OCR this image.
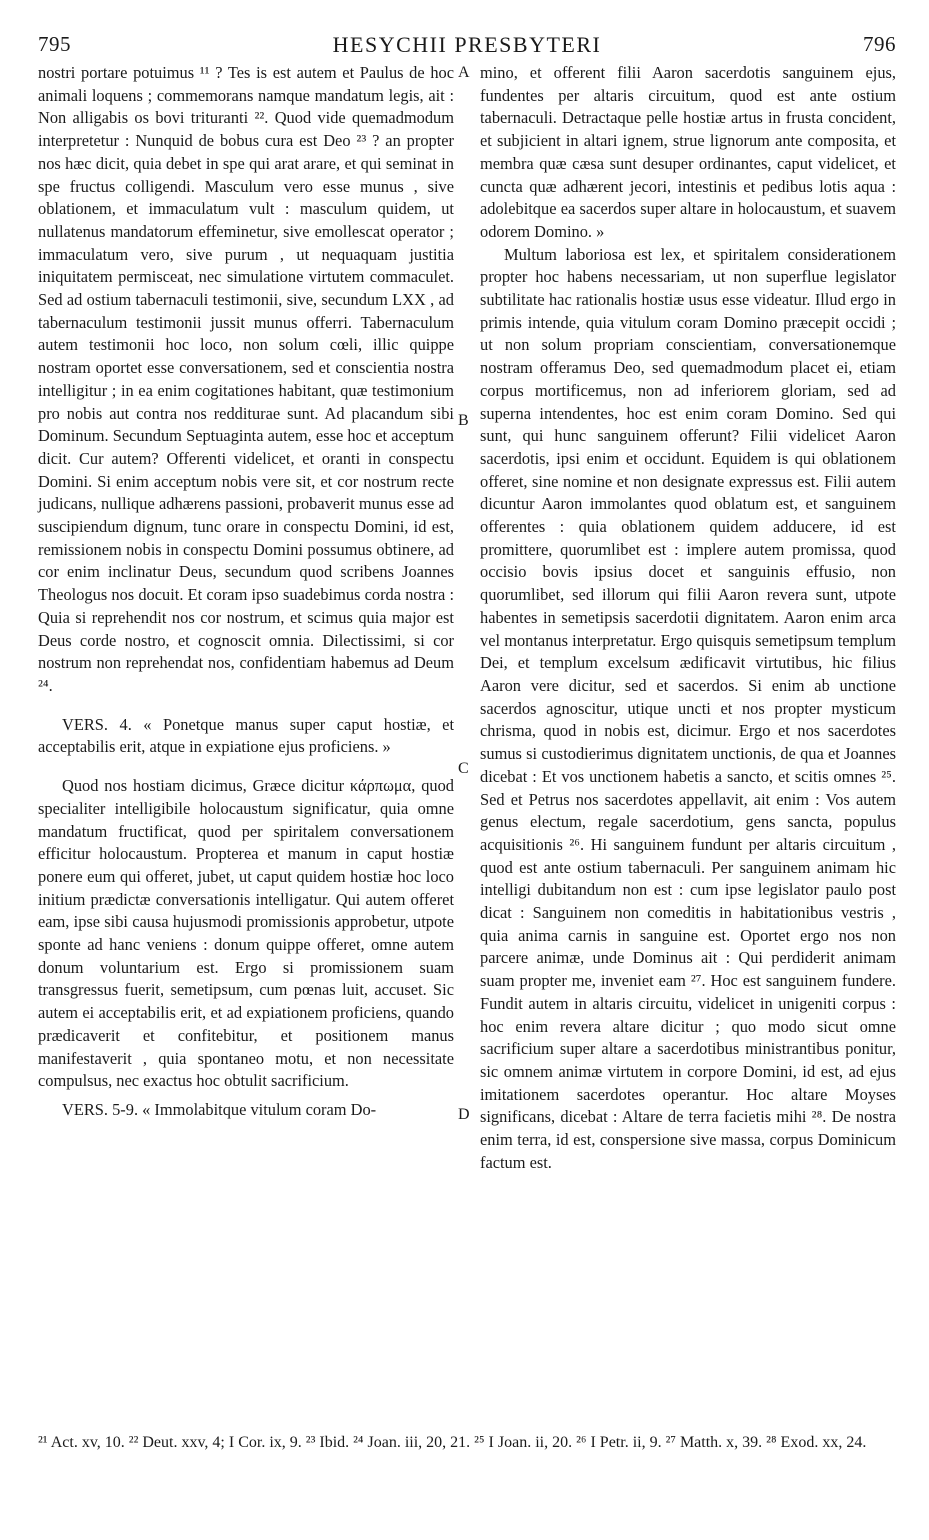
795	HESYCHII PRESBYTERI	796

nostri portare potuimus ¹¹ ? Tes is est autem et Paulus de hoc animali loquens ; commemorans namque mandatum legis, ait : Non alligabis os bovi trituranti ²². Quod vide quemadmodum interpretetur : Nunquid de bobus cura est Deo ²³ ? an propter nos hæc dicit, quia debet in spe qui arat arare, et qui seminat in spe fructus colligendi. Masculum vero esse munus , sive oblationem, et immaculatum vult : masculum quidem, ut nullatenus mandatorum effeminetur, sive emollescat operator ; immaculatum vero, sive purum , ut nequaquam justitia iniquitatem permisceat, nec simulatione virtutem commaculet. Sed ad ostium tabernaculi testimonii, sive, secundum LXX , ad tabernaculum testimonii jussit munus offerri. Tabernaculum autem testimonii hoc loco, non solum cœli, illic quippe nostram oportet esse conversationem, sed et conscientia nostra intelligitur ; in ea enim cogitationes habitant, quæ testimonium pro nobis aut contra nos redditurae sunt. Ad placandum sibi Dominum. Secundum Septuaginta autem, esse hoc et acceptum dicit. Cur autem? Offerenti videlicet, et oranti in conspectu Domini. Si enim acceptum nobis vere sit, et cor nostrum recte judicans, nullique adhærens passioni, probaverit munus esse ad suscipiendum dignum, tunc orare in conspectu Domini, id est, remissionem nobis in conspectu Domini possumus obtinere, ad cor enim inclinatur Deus, secundum quod scribens Joannes Theologus nos docuit. Et coram ipso suadebimus corda nostra : Quia si reprehendit nos cor nostrum, et scimus quia major est Deus corde nostro, et cognoscit omnia. Dilectissimi, si cor nostrum non reprehendat nos, confidentiam habemus ad Deum ²⁴.

VERS. 4. « Ponetque manus super caput hostiæ, et acceptabilis erit, atque in expiatione ejus proficiens. »

Quod nos hostiam dicimus, Græce dicitur κάρπωμα, quod specialiter intelligibile holocaustum significatur, quia omne mandatum fructificat, quod per spiritalem conversationem efficitur holocaustum. Propterea et manum in caput hostiæ ponere eum qui offeret, jubet, ut caput quidem hostiæ hoc loco initium prædictæ conversationis intelligatur. Qui autem offeret eam, ipse sibi causa hujusmodi promissionis approbetur, utpote sponte ad hanc veniens : donum quippe offeret, omne autem donum voluntarium est. Ergo si promissionem suam transgressus fuerit, semetipsum, cum pœnas luit, accuset. Sic autem ei acceptabilis erit, et ad expiationem proficiens, quando prædicaverit et confitebitur, et positionem manus manifestaverit , quia spontaneo motu, et non necessitate compulsus, nec exactus hoc obtulit sacrificium.

VERS. 5-9. « Immolabitque vitulum coram Do-

mino, et offerent filii Aaron sacerdotis sanguinem ejus, fundentes per altaris circuitum, quod est ante ostium tabernaculi. Detractaque pelle hostiæ artus in frusta concident, et subjicient in altari ignem, strue lignorum ante composita, et membra quæ cæsa sunt desuper ordinantes, caput videlicet, et cuncta quæ adhærent jecori, intestinis et pedibus lotis aqua : adolebitque ea sacerdos super altare in holocaustum, et suavem odorem Domino. »

Multum laboriosa est lex, et spiritalem considerationem propter hoc habens necessariam, ut non superflue legislator subtilitate hac rationalis hostiæ usus esse videatur. Illud ergo in primis intende, quia vitulum coram Domino præcepit occidi ; ut non solum propriam conscientiam, conversationemque nostram offeramus Deo, sed quemadmodum placet ei, etiam corpus mortificemus, non ad inferiorem gloriam, sed ad superna intendentes, hoc est enim coram Domino. Sed qui sunt, qui hunc sanguinem offerunt? Filii videlicet Aaron sacerdotis, ipsi enim et occidunt. Equidem is qui oblationem offeret, sine nomine et non designate expressus est. Filii autem dicuntur Aaron immolantes quod oblatum est, et sanguinem offerentes : quia oblationem quidem adducere, id est promittere, quorumlibet est : implere autem promissa, quod occisio bovis ipsius docet et sanguinis effusio, non quorumlibet, sed illorum qui filii Aaron revera sunt, utpote habentes in semetipsis sacerdotii dignitatem. Aaron enim arca vel montanus interpretatur. Ergo quisquis semetipsum templum Dei, et templum excelsum ædificavit virtutibus, hic filius Aaron vere dicitur, sed et sacerdos. Si enim ab unctione sacerdos agnoscitur, utique uncti et nos propter mysticum chrisma, quod in nobis est, dicimur. Ergo et nos sacerdotes sumus si custodierimus dignitatem unctionis, de qua et Joannes dicebat : Et vos unctionem habetis a sancto, et scitis omnes ²⁵. Sed et Petrus nos sacerdotes appellavit, ait enim : Vos autem genus electum, regale sacerdotium, gens sancta, populus acquisitionis ²⁶. Hi sanguinem fundunt per altaris circuitum , quod est ante ostium tabernaculi. Per sanguinem animam hic intelligi dubitandum non est : cum ipse legislator paulo post dicat : Sanguinem non comeditis in habitationibus vestris , quia anima carnis in sanguine est. Oportet ergo nos non parcere animæ, unde Dominus ait : Qui perdiderit animam suam propter me, inveniet eam ²⁷. Hoc est sanguinem fundere. Fundit autem in altaris circuitu, videlicet in unigeniti corpus : hoc enim revera altare dicitur ; quo modo sicut omne sacrificium super altare a sacerdotibus ministrantibus ponitur, sic omnem animæ virtutem in corpore Domini, id est, ad ejus imitationem sacerdotes operantur. Hoc altare Moyses significans, dicebat : Altare de terra facietis mihi ²⁸. De nostra enim terra, id est, conspersione sive massa, corpus Dominicum factum est.

A
B
C
D
²¹ Act. xv, 10. ²² Deut. xxv, 4; I Cor. ix, 9. ²³ Ibid. ²⁴ Joan. iii, 20, 21. ²⁵ I Joan. ii, 20. ²⁶ I Petr. ii, 9. ²⁷ Matth. x, 39. ²⁸ Exod. xx, 24.
